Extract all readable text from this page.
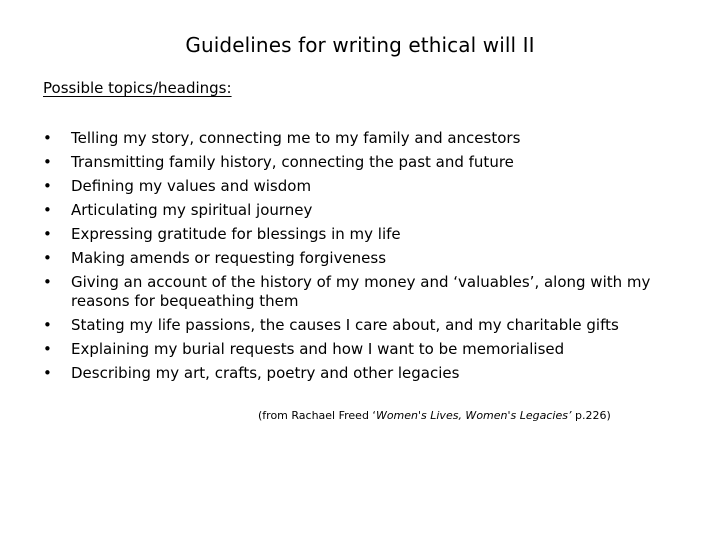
Guidelines for writing ethical will II
Possible topics/headings:
• Telling my story, connecting me to my family and ancestors
• Transmitting family history, connecting the past and future
• Defining my values and wisdom
• Articulating my spiritual journey
• Expressing gratitude for blessings in my life
• Making amends or requesting forgiveness
• Giving an account of the history of my money and ‘valuables’, along with my reasons for bequeathing them
• Stating my life passions, the causes I care about, and my charitable gifts
• Explaining my burial requests and how I want to be memorialised
• Describing my art, crafts, poetry and other legacies
(from Rachael Freed ‘Women's Lives, Women's Legacies’ p.226)
